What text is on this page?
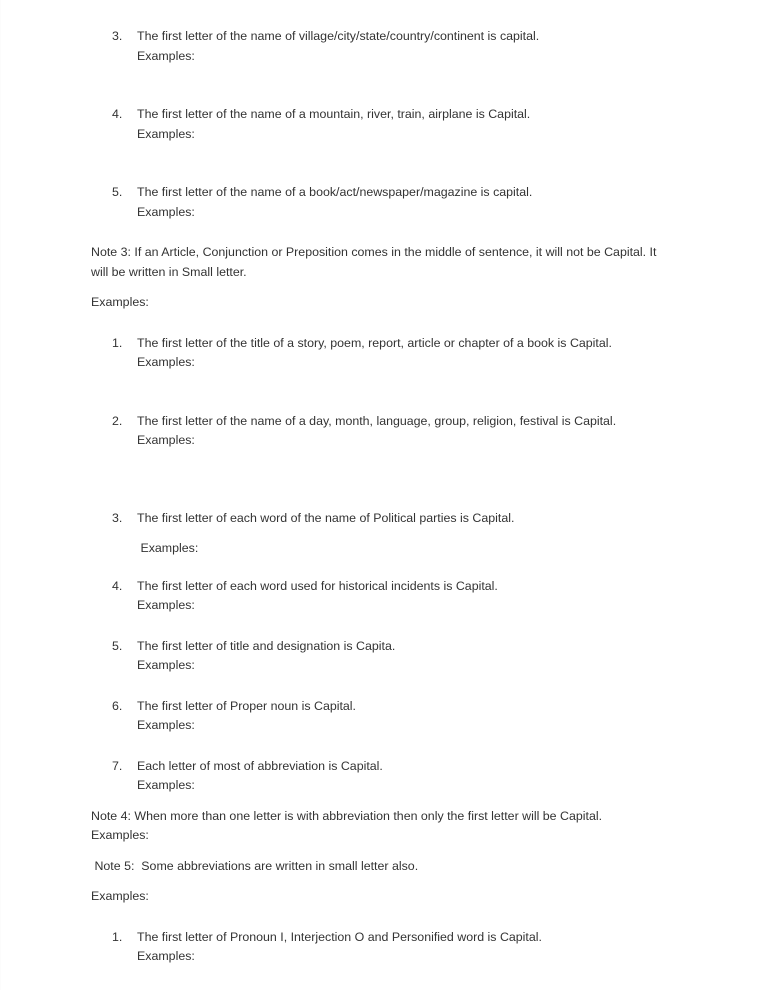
3.	The first letter of the name of village/city/state/country/continent is capital.
Examples:
4.	The first letter of the name of a mountain, river, train, airplane is Capital.
Examples:
5.	The first letter of the name of a book/act/newspaper/magazine is capital.
Examples:

Note 3: If an Article, Conjunction or Preposition comes in the middle of sentence, it will not be Capital. It will be written in Small letter.

Examples:

1.	The first letter of the title of a story, poem, report, article or chapter of a book is Capital.
Examples:
2.	The first letter of the name of a day, month, language, group, religion, festival is Capital.
Examples:
3.	The first letter of each word of the name of Political parties is Capital.
Examples:
4.	The first letter of each word used for historical incidents is Capital.
Examples:
5.	The first letter of title and designation is Capita.
Examples:
6.	The first letter of Proper noun is Capital.
Examples:
7.	Each letter of most of abbreviation is Capital.
Examples:

Note 4: When more than one letter is with abbreviation then only the first letter will be Capital.

Examples:

Note 5:  Some abbreviations are written in small letter also.

Examples:

1.	The first letter of Pronoun I, Interjection O and Personified word is Capital.
Examples:
